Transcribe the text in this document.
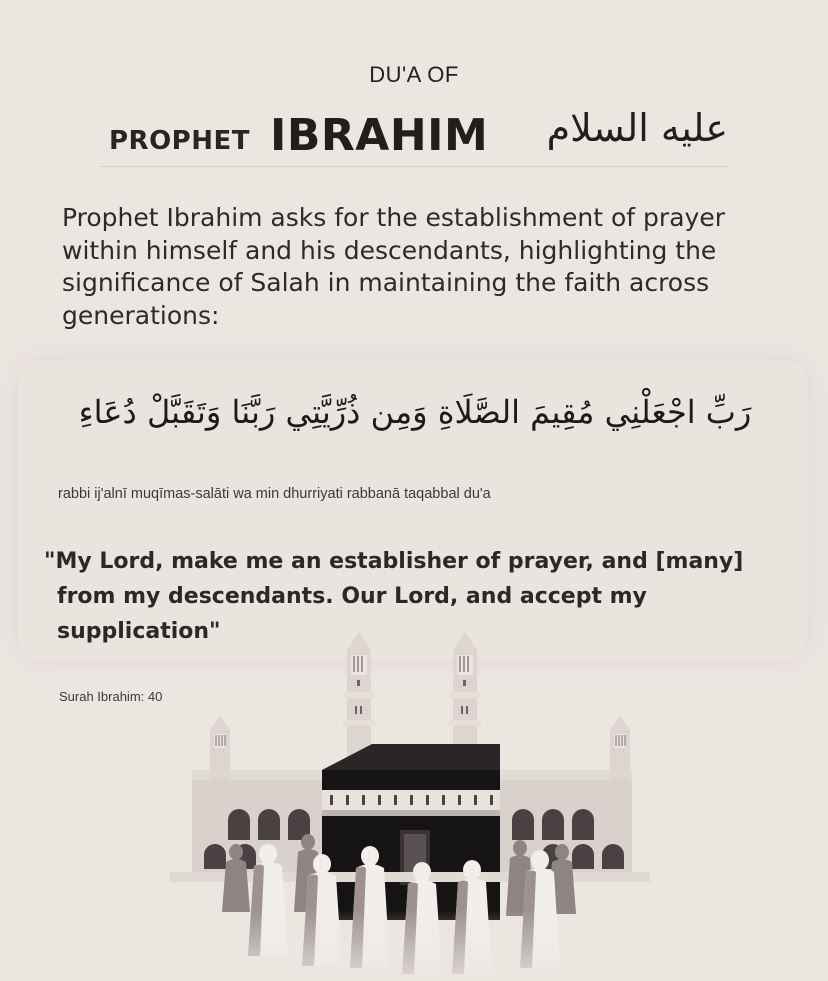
DU'A OF
PROPHET IBRAHIM	عليه السلام
Prophet Ibrahim asks for the establishment of prayer within himself and his descendants, highlighting the significance of Salah in maintaining the faith across generations:
رَبِّ اجْعَلْنِي مُقِيمَ الصَّلَاةِ وَمِن ذُرِّيَّتِي رَبَّنَا وَتَقَبَّلْ دُعَاءِ
rabbi ij'alnī muqīmas-salāti wa min dhurriyati rabbanā taqabbal du'a
"My Lord, make me an establisher of prayer, and [many]
from my descendants. Our Lord, and accept my
supplication"
Surah Ibrahim: 40
